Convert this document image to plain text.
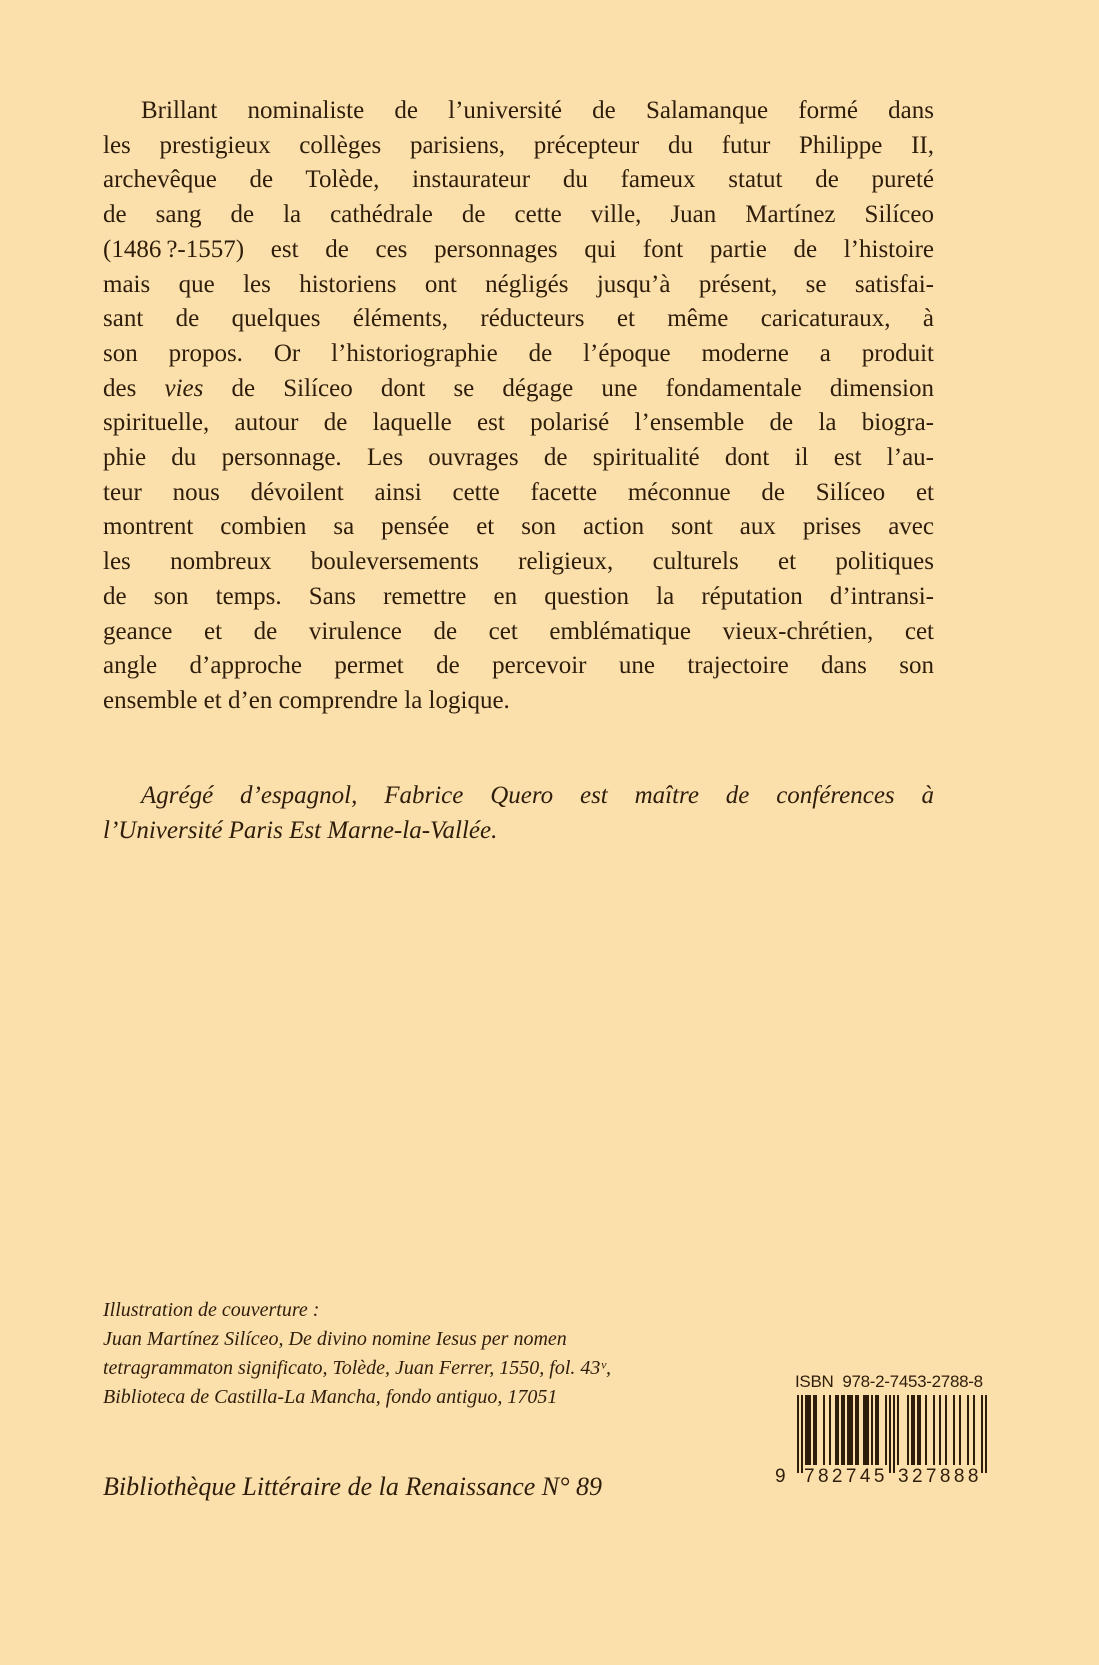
Brillant nominaliste de l’université de Salamanque formé dans
les prestigieux collèges parisiens, précepteur du futur Philippe II,
archevêque de Tolède, instaurateur du fameux statut de pureté
de sang de la cathédrale de cette ville, Juan Martínez Silíceo
(1486 ?-1557) est de ces personnages qui font partie de l’histoire
mais que les historiens ont négligés jusqu’à présent, se satisfai-
sant de quelques éléments, réducteurs et même caricaturaux, à
son propos. Or l’historiographie de l’époque moderne a produit
des vies de Silíceo dont se dégage une fondamentale dimension
spirituelle, autour de laquelle est polarisé l’ensemble de la biogra-
phie du personnage. Les ouvrages de spiritualité dont il est l’au-
teur nous dévoilent ainsi cette facette méconnue de Silíceo et
montrent combien sa pensée et son action sont aux prises avec
les nombreux bouleversements religieux, culturels et politiques
de son temps. Sans remettre en question la réputation d’intransi-
geance et de virulence de cet emblématique vieux-chrétien, cet
angle d’approche permet de percevoir une trajectoire dans son
ensemble et d’en comprendre la logique.
Agrégé d’espagnol, Fabrice Quero est maître de conférences à
l’Université Paris Est Marne-la-Vallée.
Illustration de couverture :
Juan Martínez Silíceo, De divino nomine Iesus per nomen
tetragrammaton significato, Tolède, Juan Ferrer, 1550, fol. 43ᵛ,
Biblioteca de Castilla-La Mancha, fondo antiguo, 17051
Bibliothèque Littéraire de la Renaissance N° 89
ISBN  978-2-7453-2788-8
9 782745 327888
